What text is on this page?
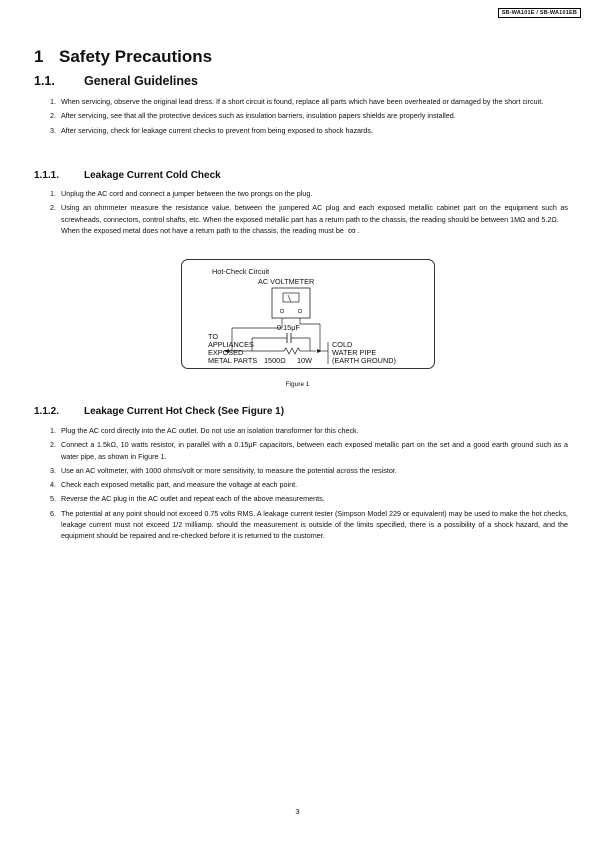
SB-WA101E / SB-WA101EB
1 Safety Precautions
1.1. General Guidelines
1. When servicing, observe the original lead dress. If a short circuit is found, replace all parts which have been overheated or damaged by the short circuit.
2. After servicing, see that all the protective devices such as insulation barriers, insulation papers shields are properly installed.
3. After servicing, check for leakage current checks to prevent from being exposed to shock hazards.
1.1.1. Leakage Current Cold Check
1. Unplug the AC cord and connect a jumper between the two prongs on the plug.
2. Using an ohmmeter measure the resistance value, between the jumpered AC plug and each exposed metallic cabinet part on the equipment such as screwheads, connectors, control shafts, etc. When the exposed metallic part has a return path to the chassis, the reading should be between 1MΩ and 5.2Ω.
When the exposed metal does not have a return path to the chassis, the reading must be ∞ .
Hot-Check Circuit
AC VOLTMETER
0.15μF
TO
APPLIANCES
EXPOSED
METAL PARTS 1500Ω 10W
COLD
WATER PIPE
(EARTH GROUND)
Figure 1
1.1.2. Leakage Current Hot Check (See Figure 1)
1. Plug the AC cord directly into the AC outlet. Do not use an isolation transformer for this check.
2. Connect a 1.5kΩ, 10 watts resistor, in parallel with a 0.15μF capacitors, between each exposed metallic part on the set and a good earth ground such as a water pipe, as shown in Figure 1.
3. Use an AC voltmeter, with 1000 ohms/volt or more sensitivity, to measure the potential across the resistor.
4. Check each exposed metallic part, and measure the voltage at each point.
5. Reverse the AC plug in the AC outlet and repeat each of the above measurements.
6. The potential at any point should not exceed 0.75 volts RMS. A leakage current tester (Simpson Model 229 or equivalent) may be used to make the hot checks, leakage current must not exceed 1/2 milliamp. should the measurement is outside of the limits specified, there is a possibility of a shock hazard, and the equipment should be repaired and re-checked before it is returned to the customer.
3
